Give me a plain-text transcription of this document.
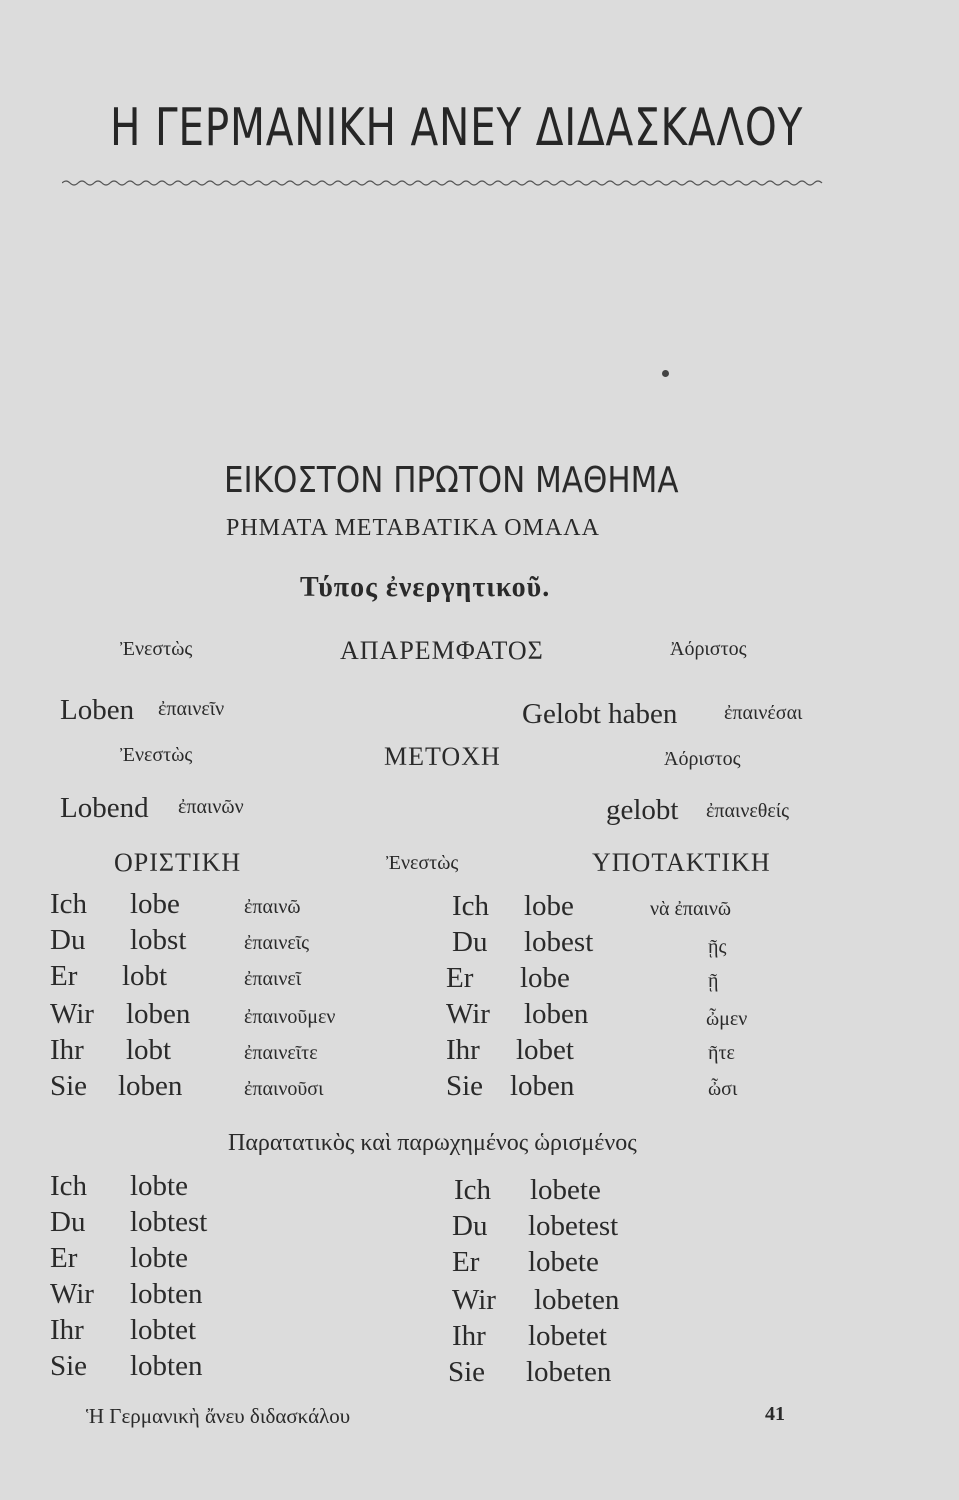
Η ΓΕΡΜΑΝΙΚΗ ΑΝΕΥ ΔΙΔΑΣΚΑΛΟΥ
ΕΙΚΟΣΤΟΝ ΠΡΩΤΟΝ ΜΑΘΗΜΑ
ΡΗΜΑΤΑ ΜΕΤΑΒΑΤΙΚΑ ΟΜΑΛΑ
Τύπος ἐνεργητικοῦ.
Ἐνεστὼς	ΑΠΑΡΕΜΦΑΤΟΣ	Ἀόριστος
Loben ἐπαινεῖν	Gelobt haben ἐπαινέσαι
Ἐνεστὼς	ΜΕΤΟΧΗ	Ἀόριστος
Lobend ἐπαινῶν	gelobt ἐπαινεθείς
ΟΡΙΣΤΙΚΗ	Ἐνεστὼς	ΥΠΟΤΑΚΤΙΚΗ
Ich lobe	ἐπαινῶ
Du lobst	ἐπαινεῖς
Er lobt	ἐπαινεῖ
Wir loben	ἐπαινοῦμεν
Ihr lobt	ἐπαινεῖτε
Sie loben	ἐπαινοῦσι
Ich lobe	νὰ ἐπαινῶ
Du lobest	ῇς
Er lobe	ῇ
Wir loben	ὦμεν
Ihr lobet	ῆτε
Sie loben	ὦσι
Παρατατικὸς καὶ παρωχημένος ὡρισμένος
Ich lobte
Du lobtest
Er lobte
Wir lobten
Ihr lobtet
Sie lobten
Ich lobete
Du lobetest
Er lobete
Wir lobeten
Ihr lobetet
Sie lobeten
Ἡ Γερμανικὴ ἄνευ διδασκάλου	41
